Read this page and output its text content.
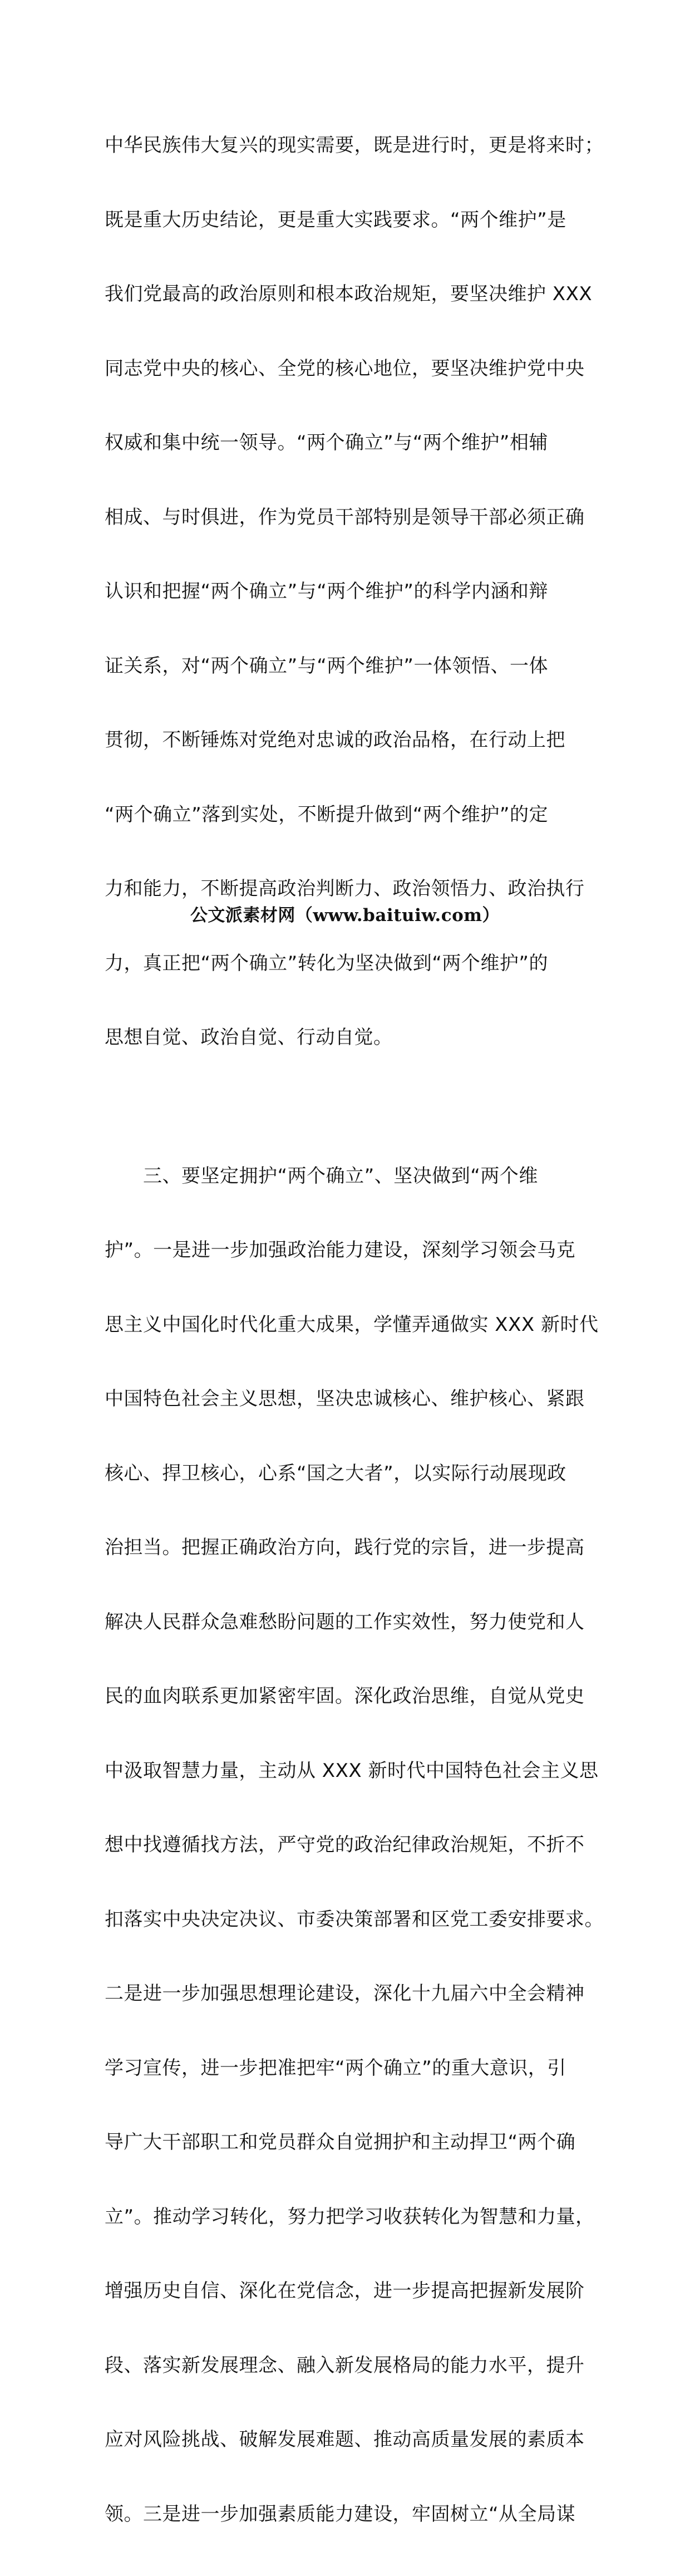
中华民族伟大复兴的现实需要，既是进行时，更是将来时；

既是重大历史结论，更是重大实践要求。“两个维护”是

我们党最高的政治原则和根本政治规矩，要坚决维护 XXX

同志党中央的核心、全党的核心地位，要坚决维护党中央

权威和集中统一领导。“两个确立”与“两个维护”相辅

相成、与时俱进，作为党员干部特别是领导干部必须正确

认识和把握“两个确立”与“两个维护”的科学内涵和辩

证关系，对“两个确立”与“两个维护”一体领悟、一体

贯彻，不断锤炼对党绝对忠诚的政治品格，在行动上把

“两个确立”落到实处，不断提升做到“两个维护”的定

力和能力，不断提高政治判断力、政治领悟力、政治执行

力，真正把“两个确立”转化为坚决做到“两个维护”的

思想自觉、政治自觉、行动自觉。

　　三、要坚定拥护“两个确立”、坚决做到“两个维

护”。一是进一步加强政治能力建设，深刻学习领会马克

思主义中国化时代化重大成果，学懂弄通做实 XXX 新时代

中国特色社会主义思想，坚决忠诚核心、维护核心、紧跟

核心、捍卫核心，心系“国之大者”，以实际行动展现政

治担当。把握正确政治方向，践行党的宗旨，进一步提高

解决人民群众急难愁盼问题的工作实效性，努力使党和人

民的血肉联系更加紧密牢固。深化政治思维，自觉从党史

中汲取智慧力量，主动从 XXX 新时代中国特色社会主义思

想中找遵循找方法，严守党的政治纪律政治规矩，不折不

扣落实中央决定决议、市委决策部署和区党工委安排要求。

二是进一步加强思想理论建设，深化十九届六中全会精神

学习宣传，进一步把准把牢“两个确立”的重大意识，引

导广大干部职工和党员群众自觉拥护和主动捍卫“两个确

立”。推动学习转化，努力把学习收获转化为智慧和力量，

增强历史自信、深化在党信念，进一步提高把握新发展阶

段、落实新发展理念、融入新发展格局的能力水平，提升

应对风险挑战、破解发展难题、推动高质量发展的素质本

领。三是进一步加强素质能力建设，牢固树立“从全局谋

公文派素材网（www.baituiw.com）
